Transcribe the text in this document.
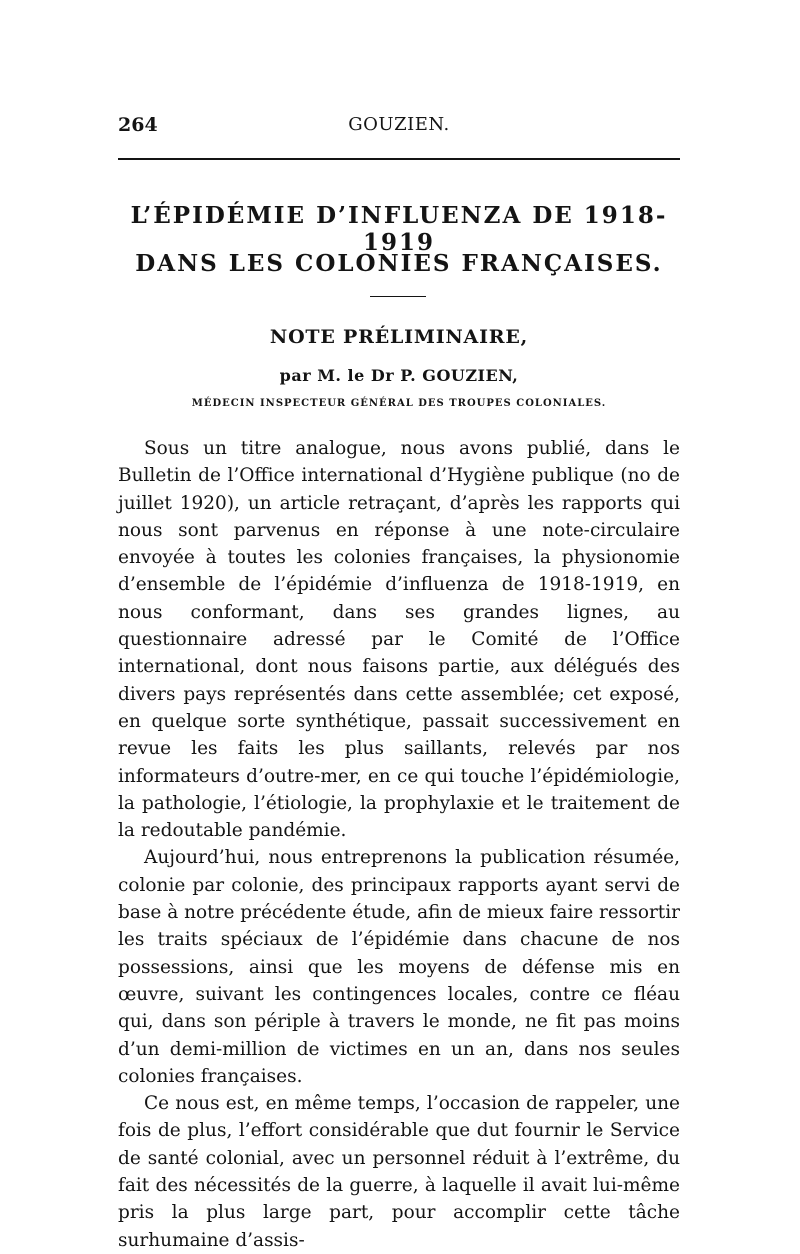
264	GOUZIEN.
L’ÉPIDÉMIE D’INFLUENZA DE 1918-1919
DANS LES COLONIES FRANÇAISES.
NOTE PRÉLIMINAIRE,
par M. le Dr P. GOUZIEN,
MÉDECIN INSPECTEUR GÉNÉRAL DES TROUPES COLONIALES.

Sous un titre analogue, nous avons publié, dans le Bulletin de l’Office international d’Hygiène publique (no de juillet 1920), un article retraçant, d’après les rapports qui nous sont parvenus en réponse à une note-circulaire envoyée à toutes les colonies françaises, la physionomie d’ensemble de l’épidémie d’influenza de 1918-1919, en nous conformant, dans ses grandes lignes, au questionnaire adressé par le Comité de l’Office international, dont nous faisons partie, aux délégués des divers pays représentés dans cette assemblée; cet exposé, en quelque sorte synthétique, passait successivement en revue les faits les plus saillants, relevés par nos informateurs d’outre-mer, en ce qui touche l’épidémiologie, la pathologie, l’étiologie, la prophylaxie et le traitement de la redoutable pandémie.

Aujourd’hui, nous entreprenons la publication résumée, colonie par colonie, des principaux rapports ayant servi de base à notre précédente étude, afin de mieux faire ressortir les traits spéciaux de l’épidémie dans chacune de nos possessions, ainsi que les moyens de défense mis en œuvre, suivant les contingences locales, contre ce fléau qui, dans son périple à travers le monde, ne fit pas moins d’un demi-million de victimes en un an, dans nos seules colonies françaises.

Ce nous est, en même temps, l’occasion de rappeler, une fois de plus, l’effort considérable que dut fournir le Service de santé colonial, avec un personnel réduit à l’extrême, du fait des nécessités de la guerre, à laquelle il avait lui-même pris la plus large part, pour accomplir cette tâche surhumaine d’assis-
